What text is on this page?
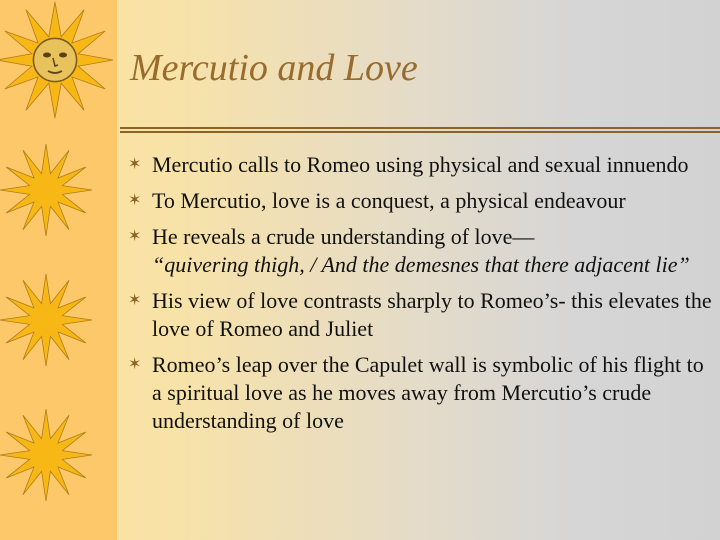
Mercutio and Love
✶ Mercutio calls to Romeo using physical and sexual innuendo
✶ To Mercutio, love is a conquest, a physical endeavour
✶ He reveals a crude understanding of love—
“quivering thigh, / And the demesnes that there adjacent lie”
✶ His view of love contrasts sharply to Romeo’s- this elevates the love of Romeo and Juliet
✶ Romeo’s leap over the Capulet wall is symbolic of his flight to a spiritual love as he moves away from Mercutio’s crude understanding of love
